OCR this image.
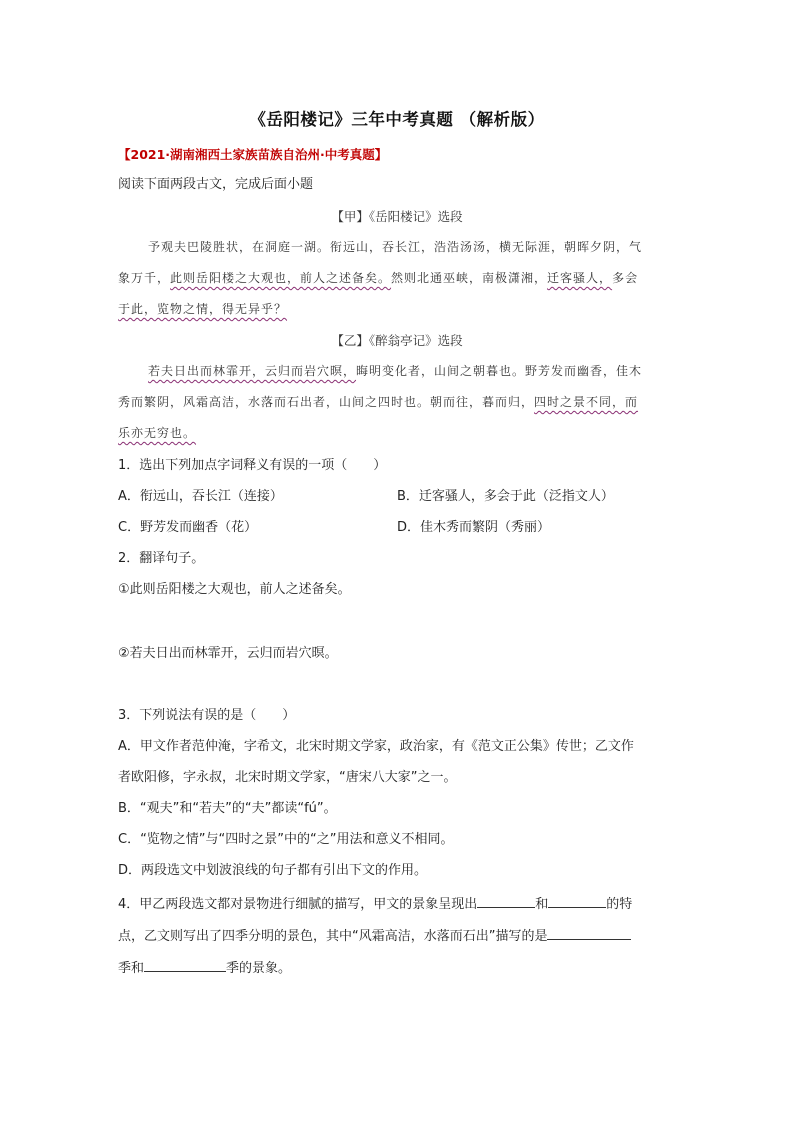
《岳阳楼记》三年中考真题 （解析版）
【2021·湖南湘西土家族苗族自治州·中考真题】
阅读下面两段古文，完成后面小题
【甲】《岳阳楼记》选段
予观夫巴陵胜状，在洞庭一湖。衔远山，吞长江，浩浩汤汤，横无际涯，朝晖夕阴，气
象万千，此则岳阳楼之大观也，前人之述备矣。然则北通巫峡，南极潇湘，迁客骚人，多会
于此，览物之情，得无异乎？
【乙】《醉翁亭记》选段
若夫日出而林霏开，云归而岩穴暝，晦明变化者，山间之朝暮也。野芳发而幽香，佳木
秀而繁阴，风霜高洁，水落而石出者，山间之四时也。朝而往，暮而归，四时之景不同，而
乐亦无穷也。
1．选出下列加点字词释义有误的一项（　　）
A．衔远山，吞长江（连接）	B．迁客骚人，多会于此（泛指文人）
C．野芳发而幽香（花）	D．佳木秀而繁阴（秀丽）
2．翻译句子。
①此则岳阳楼之大观也，前人之述备矣。
②若夫日出而林霏开，云归而岩穴暝。
3．下列说法有误的是（　　）
A．甲文作者范仲淹，字希文，北宋时期文学家，政治家，有《范文正公集》传世；乙文作
者欧阳修，字永叔，北宋时期文学家，“唐宋八大家”之一。
B．“观夫”和“若夫”的“夫”都读“fú”。
C．“览物之情”与“四时之景”中的“之”用法和意义不相同。
D．两段选文中划波浪线的句子都有引出下文的作用。
4．甲乙两段选文都对景物进行细腻的描写，甲文的景象呈现出	和	的特
点，乙文则写出了四季分明的景色，其中“风霜高洁，水落而石出”描写的是
季和	季的景象。
